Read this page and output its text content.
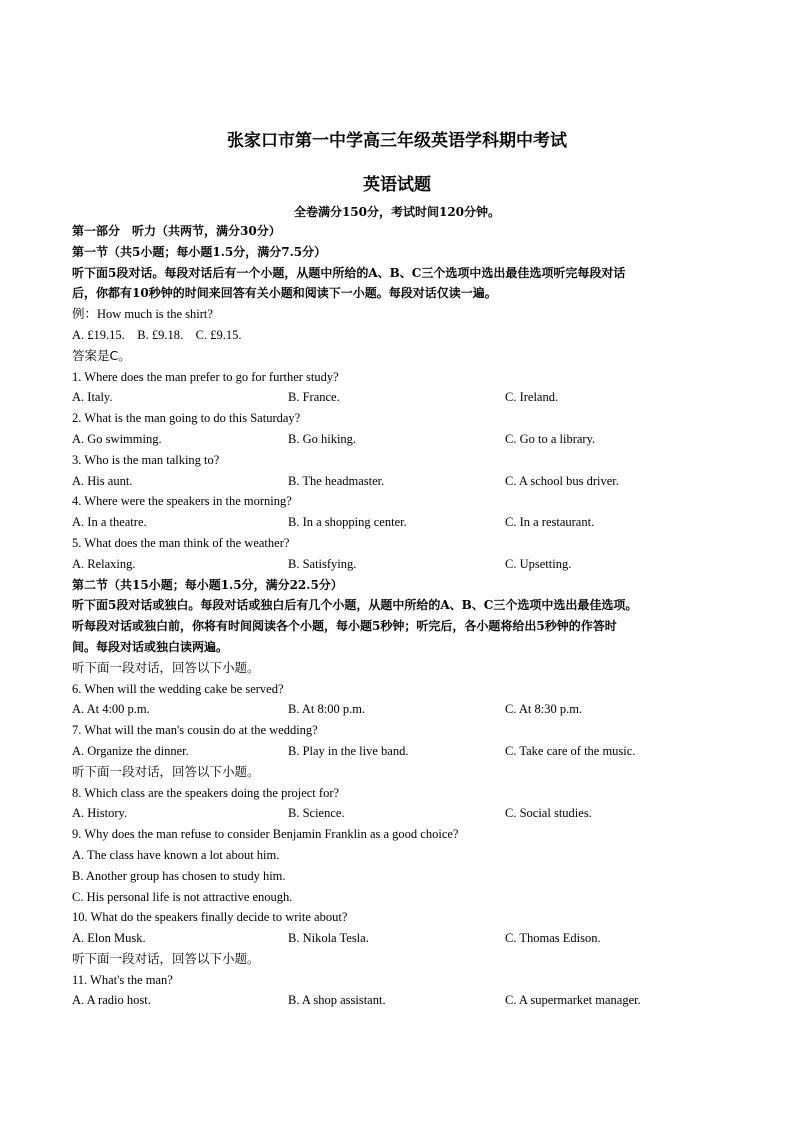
张家口市第一中学高三年级英语学科期中考试
英语试题
全卷满分150分，考试时间120分钟。
第一部分　听力（共两节，满分30分）
第一节（共5小题；每小题1.5分，满分7.5分）
听下面5段对话。每段对话后有一个小题，从题中所给的A、B、C三个选项中选出最佳选项听完每段对话
后，你都有10秒钟的时间来回答有关小题和阅读下一小题。每段对话仅读一遍。
例：How much is the shirt?
A. £19.15.　B. £9.18.　C. £9.15.
答案是C。
1. Where does the man prefer to go for further study?
A. Italy.	B. France.	C. Ireland.
2. What is the man going to do this Saturday?
A. Go swimming.	B. Go hiking.	C. Go to a library.
3. Who is the man talking to?
A. His aunt.	B. The headmaster.	C. A school bus driver.
4. Where were the speakers in the morning?
A. In a theatre.	B. In a shopping center.	C. In a restaurant.
5. What does the man think of the weather?
A. Relaxing.	B. Satisfying.	C. Upsetting.
第二节（共15小题；每小题1.5分，满分22.5分）
听下面5段对话或独白。每段对话或独白后有几个小题，从题中所给的A、B、C三个选项中选出最佳选项。
听每段对话或独白前，你将有时间阅读各个小题，每小题5秒钟；听完后，各小题将给出5秒钟的作答时
间。每段对话或独白读两遍。
听下面一段对话，回答以下小题。
6. When will the wedding cake be served?
A. At 4:00 p.m.	B. At 8:00 p.m.	C. At 8:30 p.m.
7. What will the man's cousin do at the wedding?
A. Organize the dinner.	B. Play in the live band.	C. Take care of the music.
听下面一段对话，回答以下小题。
8. Which class are the speakers doing the project for?
A. History.	B. Science.	C. Social studies.
9. Why does the man refuse to consider Benjamin Franklin as a good choice?
A. The class have known a lot about him.
B. Another group has chosen to study him.
C. His personal life is not attractive enough.
10. What do the speakers finally decide to write about?
A. Elon Musk.	B. Nikola Tesla.	C. Thomas Edison.
听下面一段对话，回答以下小题。
11. What's the man?
A. A radio host.	B. A shop assistant.	C. A supermarket manager.
